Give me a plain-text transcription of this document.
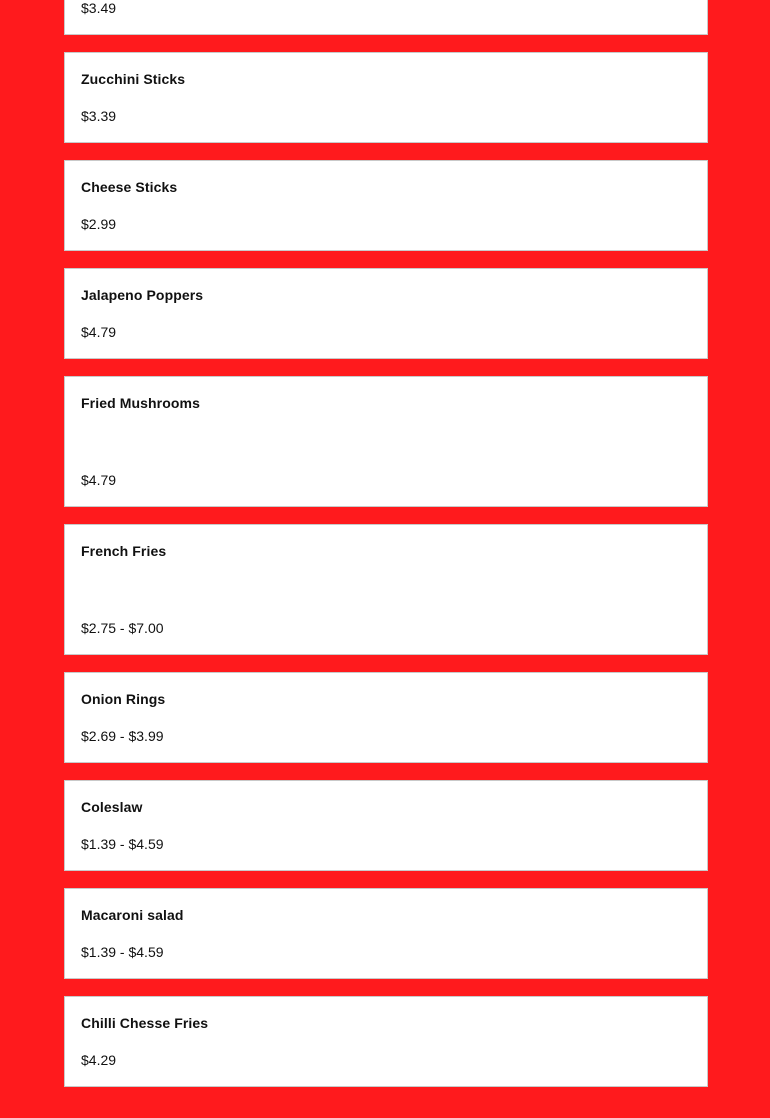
$3.49
Zucchini Sticks
$3.39
Cheese Sticks
$2.99
Jalapeno Poppers
$4.79
Fried Mushrooms
$4.79
French Fries
$2.75 - $7.00
Onion Rings
$2.69 - $3.99
Coleslaw
$1.39 - $4.59
Macaroni salad
$1.39 - $4.59
Chilli Chesse Fries
$4.29
